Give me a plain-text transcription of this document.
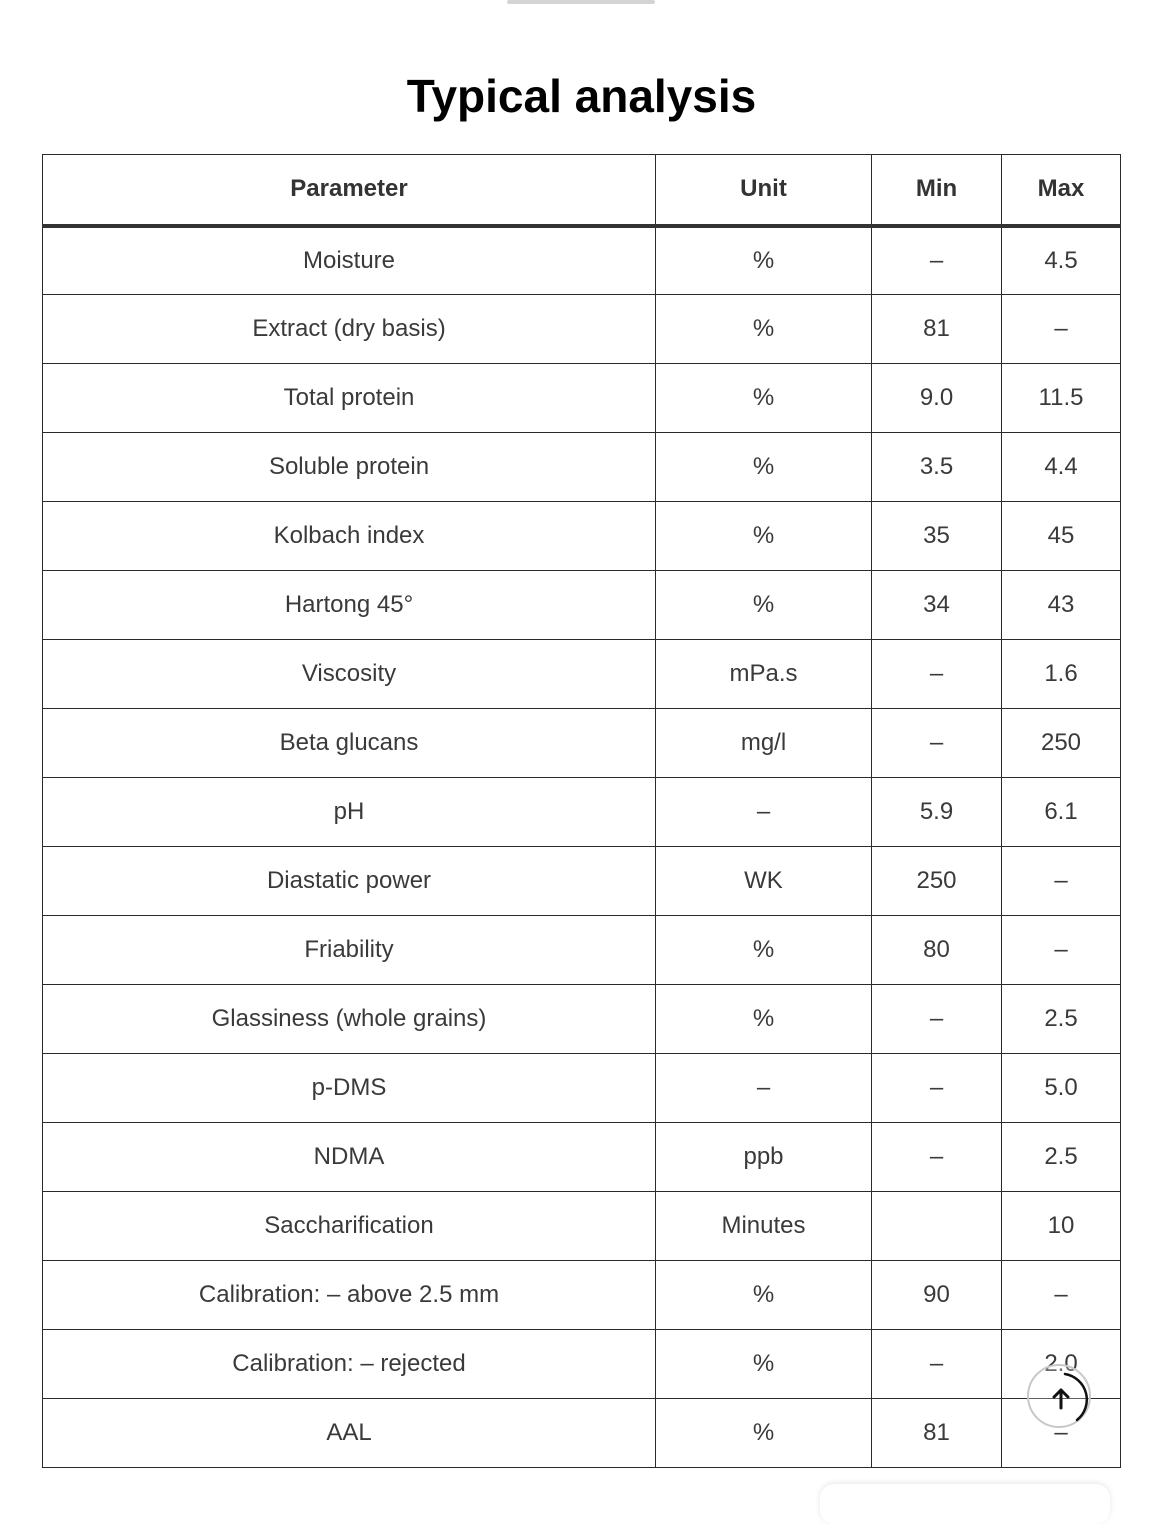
Typical analysis
Parameter	Unit	Min	Max
Moisture	%	–	4.5
Extract (dry basis)	%	81	–
Total protein	%	9.0	11.5
Soluble protein	%	3.5	4.4
Kolbach index	%	35	45
Hartong 45°	%	34	43
Viscosity	mPa.s	–	1.6
Beta glucans	mg/l	–	250
pH	–	5.9	6.1
Diastatic power	WK	250	–
Friability	%	80	–
Glassiness (whole grains)	%	–	2.5
p-DMS	–	–	5.0
NDMA	ppb	–	2.5
Saccharification	Minutes		10
Calibration: – above 2.5 mm	%	90	–
Calibration: – rejected	%	–	2.0
AAL	%	81	–
